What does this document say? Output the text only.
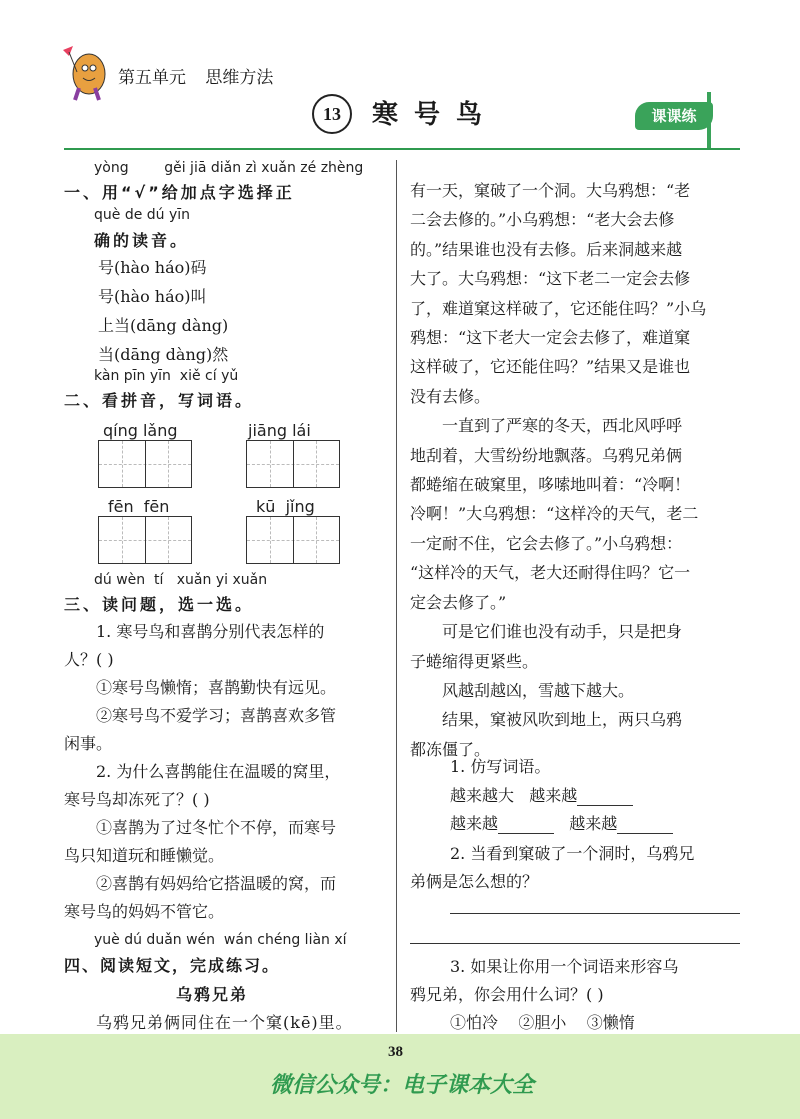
第五单元 思维方法
13	寒号鸟	课课练
yòng        gěi jiā diǎn zì xuǎn zé zhèng
一、用“√”给加点字选择正
què de dú yīn
确的读音。
号(hào háo)码
号(hào háo)叫
上当(dāng dàng)
当(dāng dàng)然
kàn pīn yīn  xiě cí yǔ
二、看拼音，写词语。
qíng lǎng	jiāng lái
fēn  fēn	kū  jǐng
dú wèn  tí   xuǎn yi xuǎn
三、读问题，选一选。
1. 寒号鸟和喜鹊分别代表怎样的
人？( )
①寒号鸟懒惰；喜鹊勤快有远见。
②寒号鸟不爱学习；喜鹊喜欢多管
闲事。
2. 为什么喜鹊能住在温暖的窝里，
寒号鸟却冻死了？( )
①喜鹊为了过冬忙个不停，而寒号
鸟只知道玩和睡懒觉。
②喜鹊有妈妈给它搭温暖的窝，而
寒号鸟的妈妈不管它。
yuè dú duǎn wén  wán chéng liàn xí
四、阅读短文，完成练习。
乌鸦兄弟
乌鸦兄弟俩同住在一个窠(kē)里。
有一天，窠破了一个洞。大乌鸦想：“老
二会去修的。”小乌鸦想：“老大会去修
的。”结果谁也没有去修。后来洞越来越
大了。大乌鸦想：“这下老二一定会去修
了，难道窠这样破了，它还能住吗？”小乌
鸦想：“这下老大一定会去修了，难道窠
这样破了，它还能住吗？”结果又是谁也
没有去修。
　　一直到了严寒的冬天，西北风呼呼
地刮着，大雪纷纷地飘落。乌鸦兄弟俩
都蜷缩在破窠里，哆嗦地叫着：“冷啊！
冷啊！”大乌鸦想：“这样冷的天气，老二
一定耐不住，它会去修了。”小乌鸦想：
“这样冷的天气，老大还耐得住吗？它一
定会去修了。”
　　可是它们谁也没有动手，只是把身
子蜷缩得更紧些。
　　风越刮越凶，雪越下越大。
　　结果，窠被风吹到地上，两只乌鸦
都冻僵了。
1. 仿写词语。
越来越大 越来越
越来越	越来越
2. 当看到窠破了一个洞时，乌鸦兄
弟俩是怎么想的？
3. 如果让你用一个词语来形容乌
鸦兄弟，你会用什么词？( )
①怕冷    ②胆小    ③懒惰
38
微信公众号：电子课本大全
